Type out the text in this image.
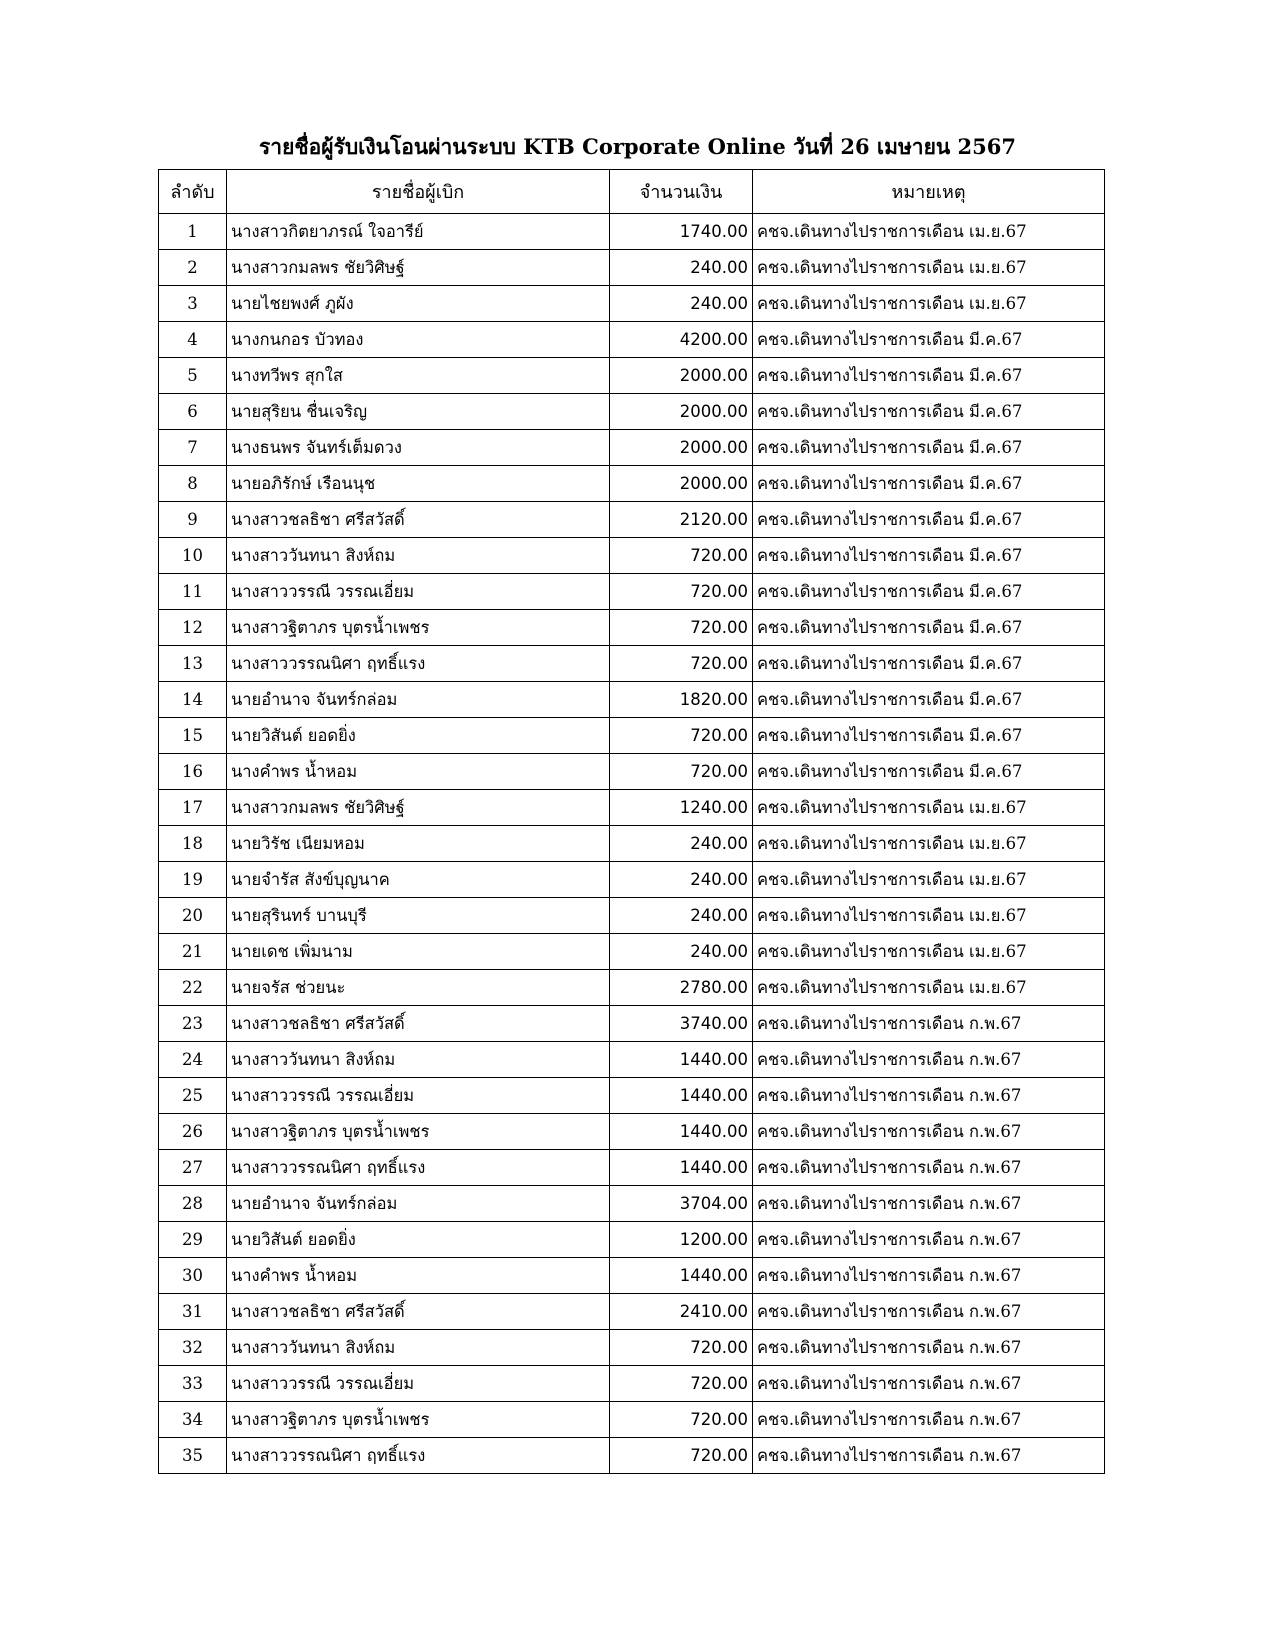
รายชื่อผู้รับเงินโอนผ่านระบบ KTB Corporate Online วันที่ 26 เมษายน 2567
ลำดับ	รายชื่อผู้เบิก	จำนวนเงิน	หมายเหตุ
1	นางสาวกิตยาภรณ์ ใจอารีย์	1740.00	คชจ.เดินทางไปราชการเดือน เม.ย.67
2	นางสาวกมลพร ชัยวิศิษฐ์	240.00	คชจ.เดินทางไปราชการเดือน เม.ย.67
3	นายไชยพงศ์ ภูผัง	240.00	คชจ.เดินทางไปราชการเดือน เม.ย.67
4	นางกนกอร บัวทอง	4200.00	คชจ.เดินทางไปราชการเดือน มี.ค.67
5	นางทวีพร สุกใส	2000.00	คชจ.เดินทางไปราชการเดือน มี.ค.67
6	นายสุริยน ชื่นเจริญ	2000.00	คชจ.เดินทางไปราชการเดือน มี.ค.67
7	นางธนพร จันทร์เต็มดวง	2000.00	คชจ.เดินทางไปราชการเดือน มี.ค.67
8	นายอภิรักษ์ เรือนนุช	2000.00	คชจ.เดินทางไปราชการเดือน มี.ค.67
9	นางสาวชลธิชา ศรีสวัสดิ์	2120.00	คชจ.เดินทางไปราชการเดือน มี.ค.67
10	นางสาววันทนา สิงห์ถม	720.00	คชจ.เดินทางไปราชการเดือน มี.ค.67
11	นางสาววรรณี วรรณเอี่ยม	720.00	คชจ.เดินทางไปราชการเดือน มี.ค.67
12	นางสาวฐิตาภร บุตรน้ำเพชร	720.00	คชจ.เดินทางไปราชการเดือน มี.ค.67
13	นางสาววรรณนิศา ฤทธิ์แรง	720.00	คชจ.เดินทางไปราชการเดือน มี.ค.67
14	นายอำนาจ จันทร์กล่อม	1820.00	คชจ.เดินทางไปราชการเดือน มี.ค.67
15	นายวิสันต์ ยอดยิ่ง	720.00	คชจ.เดินทางไปราชการเดือน มี.ค.67
16	นางคำพร น้ำหอม	720.00	คชจ.เดินทางไปราชการเดือน มี.ค.67
17	นางสาวกมลพร ชัยวิศิษฐ์	1240.00	คชจ.เดินทางไปราชการเดือน เม.ย.67
18	นายวิรัช เนียมหอม	240.00	คชจ.เดินทางไปราชการเดือน เม.ย.67
19	นายจำรัส สังข์บุญนาค	240.00	คชจ.เดินทางไปราชการเดือน เม.ย.67
20	นายสุรินทร์ บานบุรี	240.00	คชจ.เดินทางไปราชการเดือน เม.ย.67
21	นายเดช เพิ่มนาม	240.00	คชจ.เดินทางไปราชการเดือน เม.ย.67
22	นายจรัส ช่วยนะ	2780.00	คชจ.เดินทางไปราชการเดือน เม.ย.67
23	นางสาวชลธิชา ศรีสวัสดิ์	3740.00	คชจ.เดินทางไปราชการเดือน ก.พ.67
24	นางสาววันทนา สิงห์ถม	1440.00	คชจ.เดินทางไปราชการเดือน ก.พ.67
25	นางสาววรรณี วรรณเอี่ยม	1440.00	คชจ.เดินทางไปราชการเดือน ก.พ.67
26	นางสาวฐิตาภร บุตรน้ำเพชร	1440.00	คชจ.เดินทางไปราชการเดือน ก.พ.67
27	นางสาววรรณนิศา ฤทธิ์แรง	1440.00	คชจ.เดินทางไปราชการเดือน ก.พ.67
28	นายอำนาจ จันทร์กล่อม	3704.00	คชจ.เดินทางไปราชการเดือน ก.พ.67
29	นายวิสันต์ ยอดยิ่ง	1200.00	คชจ.เดินทางไปราชการเดือน ก.พ.67
30	นางคำพร น้ำหอม	1440.00	คชจ.เดินทางไปราชการเดือน ก.พ.67
31	นางสาวชลธิชา ศรีสวัสดิ์	2410.00	คชจ.เดินทางไปราชการเดือน ก.พ.67
32	นางสาววันทนา สิงห์ถม	720.00	คชจ.เดินทางไปราชการเดือน ก.พ.67
33	นางสาววรรณี วรรณเอี่ยม	720.00	คชจ.เดินทางไปราชการเดือน ก.พ.67
34	นางสาวฐิตาภร บุตรน้ำเพชร	720.00	คชจ.เดินทางไปราชการเดือน ก.พ.67
35	นางสาววรรณนิศา ฤทธิ์แรง	720.00	คชจ.เดินทางไปราชการเดือน ก.พ.67
